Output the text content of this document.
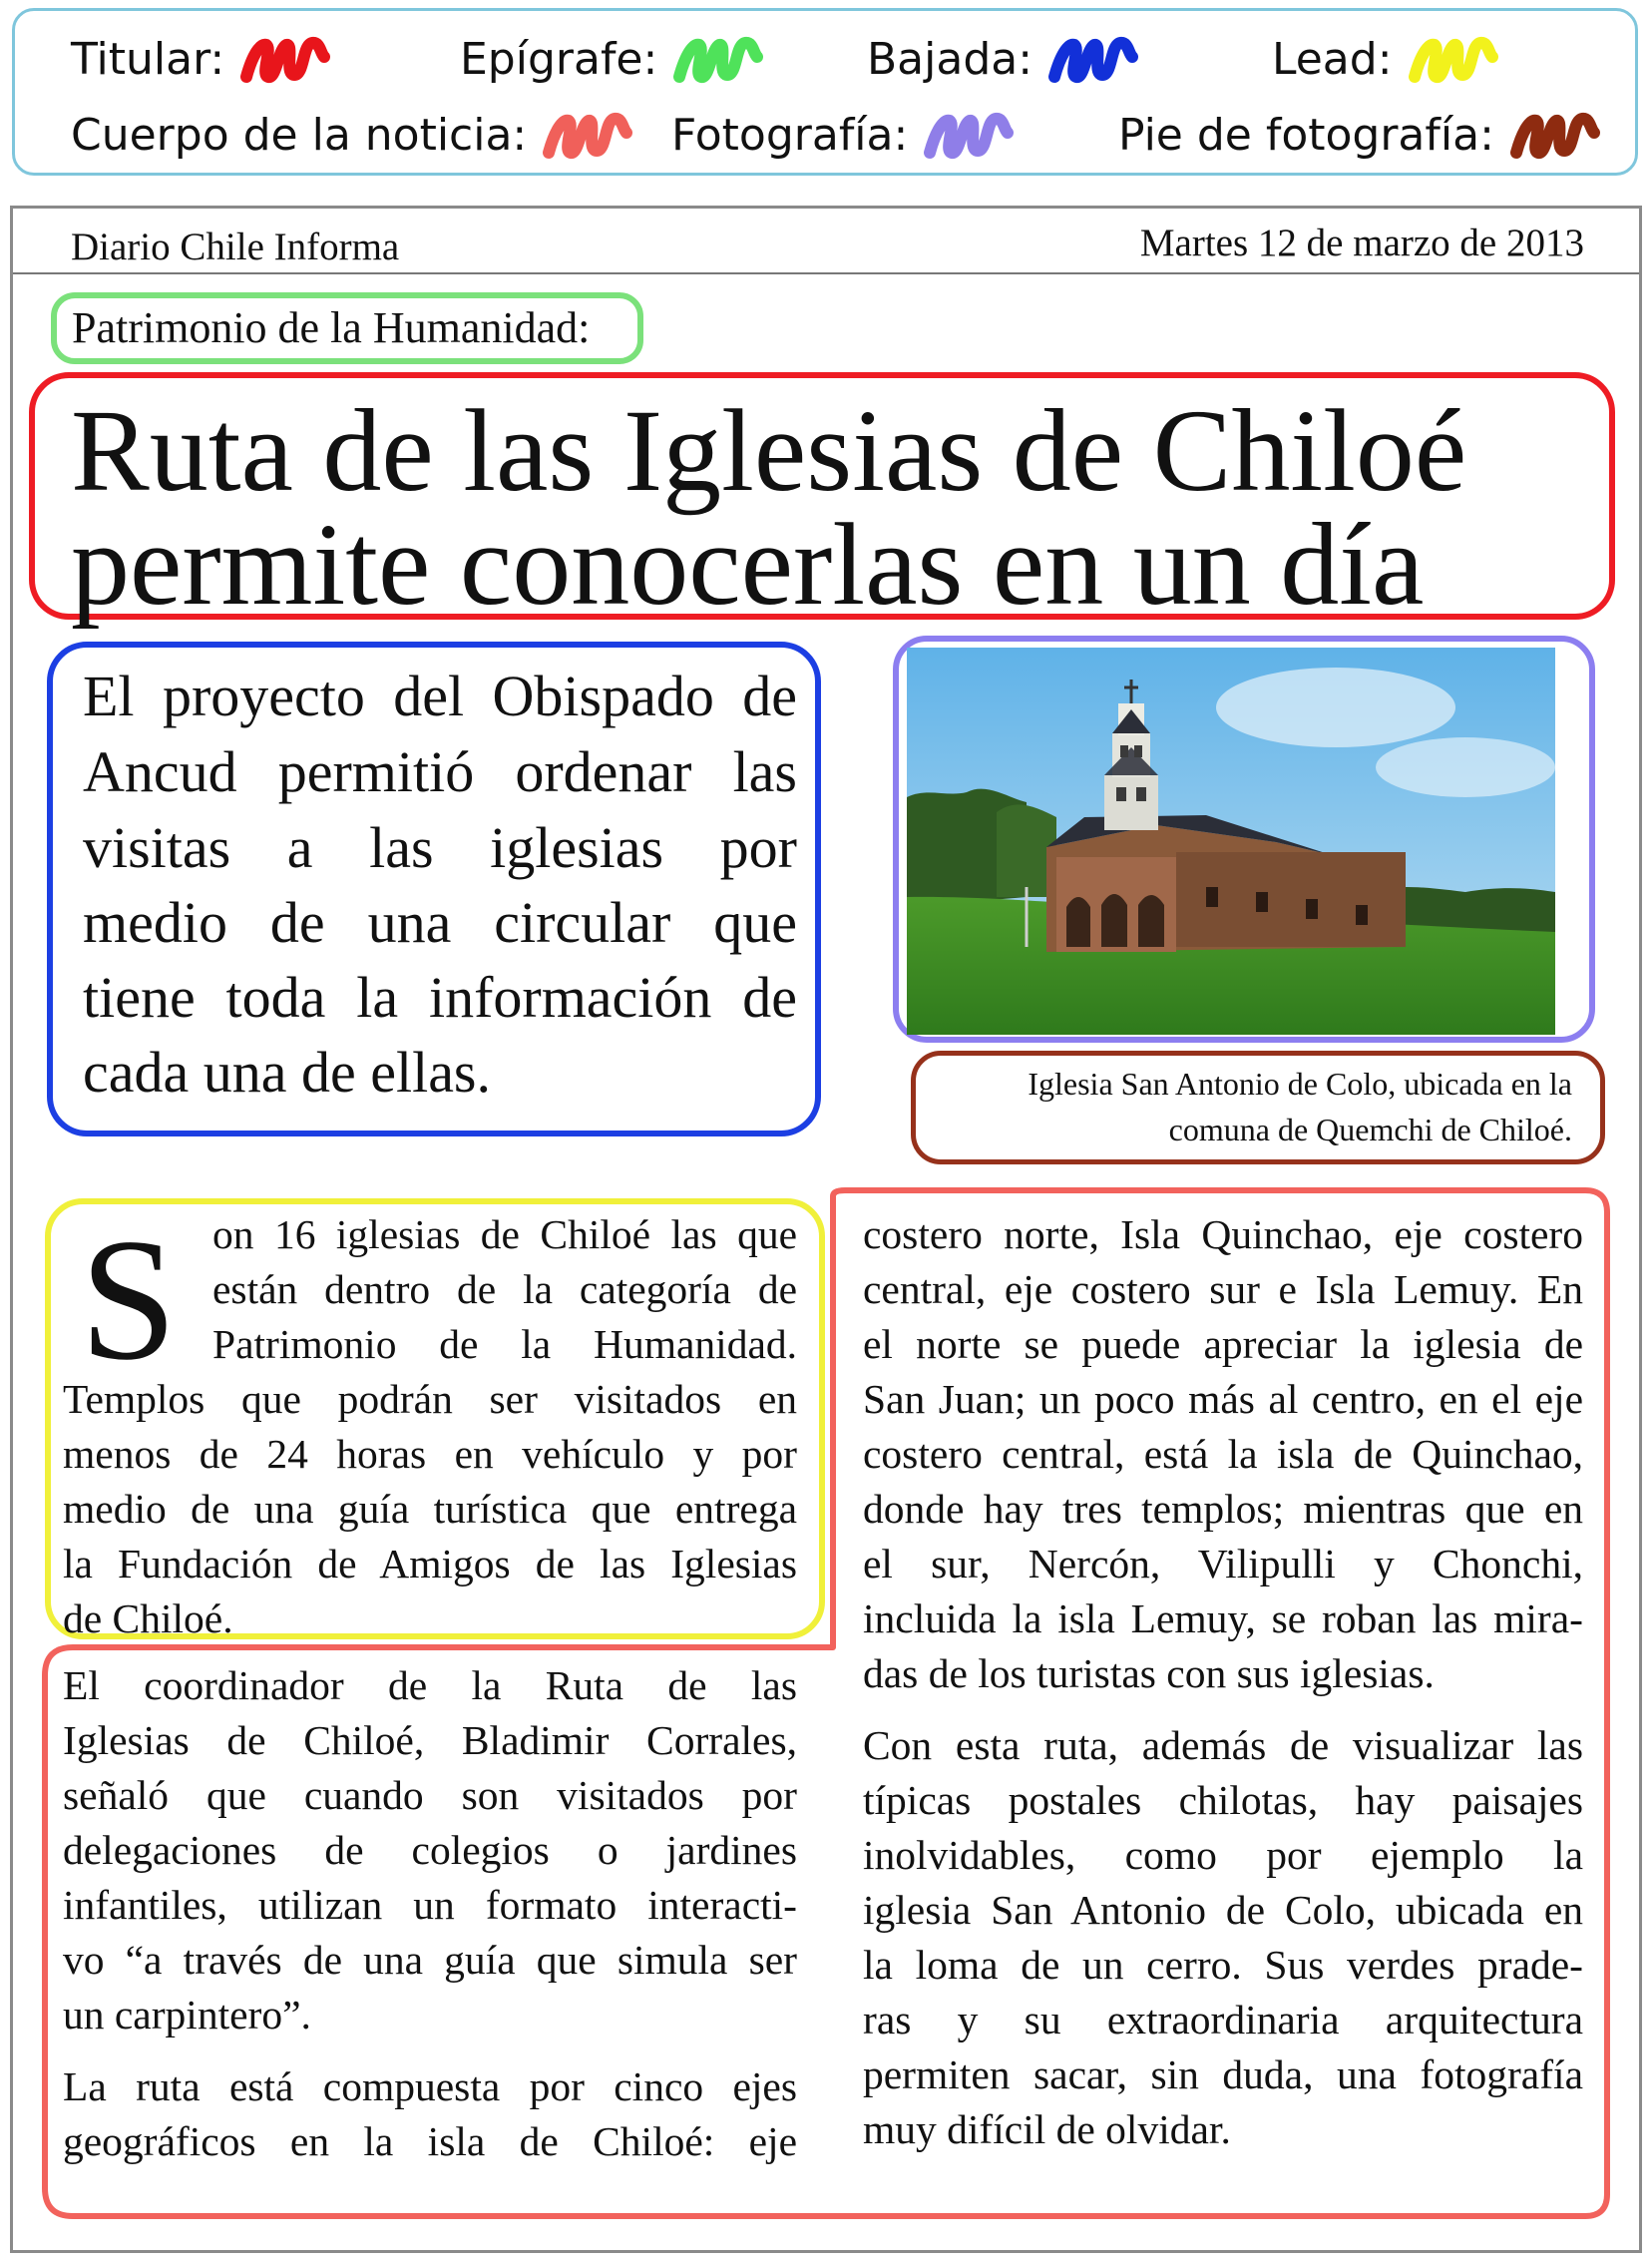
Titular:	Epígrafe:	Bajada:	Lead:
Cuerpo de la noticia:	Fotografía:	Pie de fotografía:
Diario Chile Informa	Martes 12 de marzo de 2013
Patrimonio de la Humanidad:
Ruta de las Iglesias de Chiloé
permite conocerlas en un día
El proyecto del Obispado de
Ancud permitió ordenar las
visitas a las iglesias por
medio de una circular que
tiene toda la información de
cada una de ellas.	Iglesia San Antonio de Colo, ubicada en la
comuna de Quemchi de Chiloé.
S on 16 iglesias de Chiloé las que
están dentro de la categoría de
Patrimonio de la Humanidad.
Templos que podrán ser visitados en
menos de 24 horas en vehículo y por
medio de una guía turística que entrega
la Fundación de Amigos de las Iglesias
de Chiloé.
El coordinador de la Ruta de las
Iglesias de Chiloé, Bladimir Corrales,
señaló que cuando son visitados por
delegaciones de colegios o jardines
infantiles, utilizan un formato interacti-
vo “a través de una guía que simula ser
un carpintero”.
La ruta está compuesta por cinco ejes
geográficos en la isla de Chiloé: eje
costero norte, Isla Quinchao, eje costero
central, eje costero sur e Isla Lemuy. En
el norte se puede apreciar la iglesia de
San Juan; un poco más al centro, en el eje
costero central, está la isla de Quinchao,
donde hay tres templos; mientras que en
el sur, Nercón, Vilipulli y Chonchi,
incluida la isla Lemuy, se roban las mira-
das de los turistas con sus iglesias.
Con esta ruta, además de visualizar las
típicas postales chilotas, hay paisajes
inolvidables, como por ejemplo la
iglesia San Antonio de Colo, ubicada en
la loma de un cerro. Sus verdes prade-
ras y su extraordinaria arquitectura
permiten sacar, sin duda, una fotografía
muy difícil de olvidar.
